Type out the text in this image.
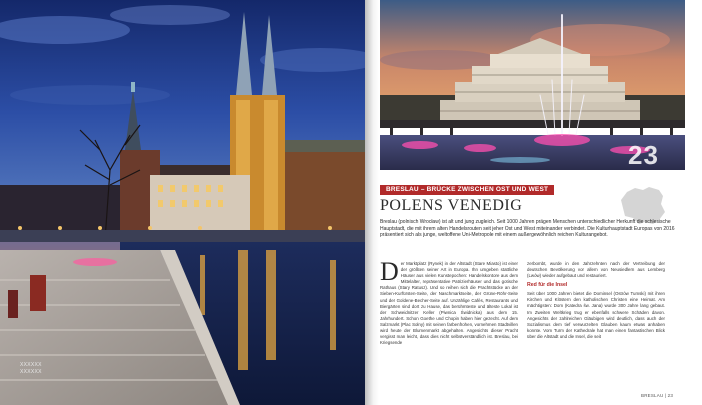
XXXXXX
XXXXXX
23
BRESLAU – BRÜCKE ZWISCHEN OST UND WEST
POLENS VENEDIG
Breslau (polnisch Wrocław) ist alt und jung zugleich. Seit 1000 Jahren prägen Menschen unterschiedlicher Herkunft die schlesische Hauptstadt, die mit ihrem alten Handelsrouten seit jeher Ost und West miteinander verbindet. Die Kulturhauptstadt Europas von 2016 präsentiert sich als junge, weltoffene Uni-Metropole mit einem außergewöhnlich reichen Kulturangebot.
Der Marktplatz (Rynek) in der Altstadt (Stare Miasto) ist einer der größten seiner Art in Europa. Ihn umgeben stattliche Häuser aus vielen Kunstepochen: Handelskontore aus dem Mittelalter, repräsentative Patrizierhäuser und das gotische Rathaus (Stary Ratusz). Und so reihen sich die Prachtstücke an der Sieben-Kurfürsten-Seite, der Naschmarktseite, der Grüne-Röhr-Seite und der Goldene-Becher-Seite auf. Unzählige Cafés, Restaurants und Biergärten sind dort zu Hause, das berühmteste und älteste Lokal ist der Schweidnitzer Keller (Piwnica Świdnicka) aus dem 15. Jahrhundert. Schon Goethe und Chopin haben hier gezecht. Auf dem Salzmarkt (Plac Solny) mit seinen farbenfrohen, vornehmen Stadtvillen wird heute der Blumenmarkt abgehalten. Angesichts dieser Pracht vergisst man leicht, dass dies nicht selbstverständlich ist. Breslau, bei Kriegsende
zerbombt, wurde in den Jahrzehnten nach der Vertreibung der deutschen Bevölkerung vor allem von Neusiedlern aus Lemberg (Lwów) wieder aufgebaut und restauriert.
Red für die Insel
Seit über 1000 Jahren bietet die Dominsel (Ostrów Tumski) mit ihren Kirchen und Klöstern den katholischen Christen eine Heimat. Am mächtigsten: Dom (Katedra św. Jana) wurde 300 Jahre lang gebaut. Im Zweiten Weltkrieg trug er ebenfalls schwere Schäden davon. Angesichts der zahlreichen Gläubigen wird deutlich, dass auch der Sozialismus dem tief verwurzelten Glauben kaum etwas anhaben konnte. Vom Turm der Kathedrale hat man einen fantastischen Blick über die Altstadt und die Insel, die seit
BRESLAU | 23
